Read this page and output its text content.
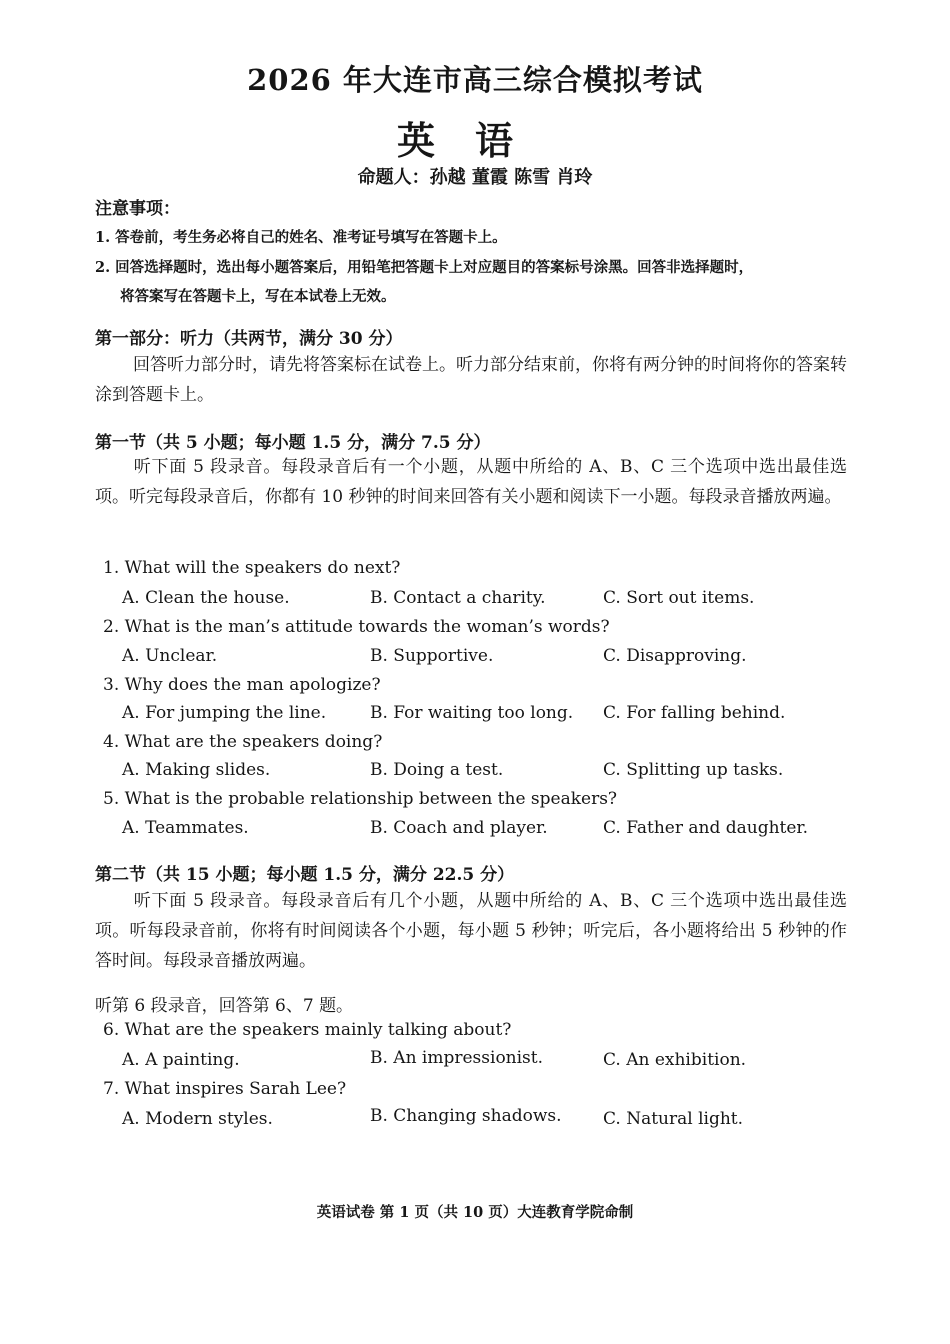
2026 年大连市高三综合模拟考试
英语
命题人：孙越 董霞 陈雪 肖玲
注意事项：
1. 答卷前，考生务必将自己的姓名、准考证号填写在答题卡上。
2. 回答选择题时，选出每小题答案后，用铅笔把答题卡上对应题目的答案标号涂黑。回答非选择题时，
将答案写在答题卡上，写在本试卷上无效。
第一部分：听力（共两节，满分 30 分）
回答听力部分时，请先将答案标在试卷上。听力部分结束前，你将有两分钟的时间将你的答案转涂到答题卡上。
第一节（共 5 小题；每小题 1.5 分，满分 7.5 分）
听下面 5 段录音。每段录音后有一个小题，从题中所给的 A、B、C 三个选项中选出最佳选项。听完每段录音后，你都有 10 秒钟的时间来回答有关小题和阅读下一小题。每段录音播放两遍。
1. What will the speakers do next?
A. Clean the house.	B. Contact a charity.	C. Sort out items.
2. What is the man’s attitude towards the woman’s words?
A. Unclear.	B. Supportive.	C. Disapproving.
3. Why does the man apologize?
A. For jumping the line.	B. For waiting too long. C. For falling behind.
4. What are the speakers doing?
A. Making slides.	B. Doing a test.	C. Splitting up tasks.
5. What is the probable relationship between the speakers?
A. Teammates.	B. Coach and player.	C. Father and daughter.
第二节（共 15 小题；每小题 1.5 分，满分 22.5 分）
听下面 5 段录音。每段录音后有几个小题，从题中所给的 A、B、C 三个选项中选出最佳选项。听每段录音前，你将有时间阅读各个小题，每小题 5 秒钟；听完后，各小题将给出 5 秒钟的作答时间。每段录音播放两遍。
听第 6 段录音，回答第 6、7 题。
6. What are the speakers mainly talking about?
A. A painting.	B. An impressionist.	C. An exhibition.
7. What inspires Sarah Lee?
A. Modern styles.	B. Changing shadows. C. Natural light.
英语试卷 第 1 页（共 10 页）大连教育学院命制
